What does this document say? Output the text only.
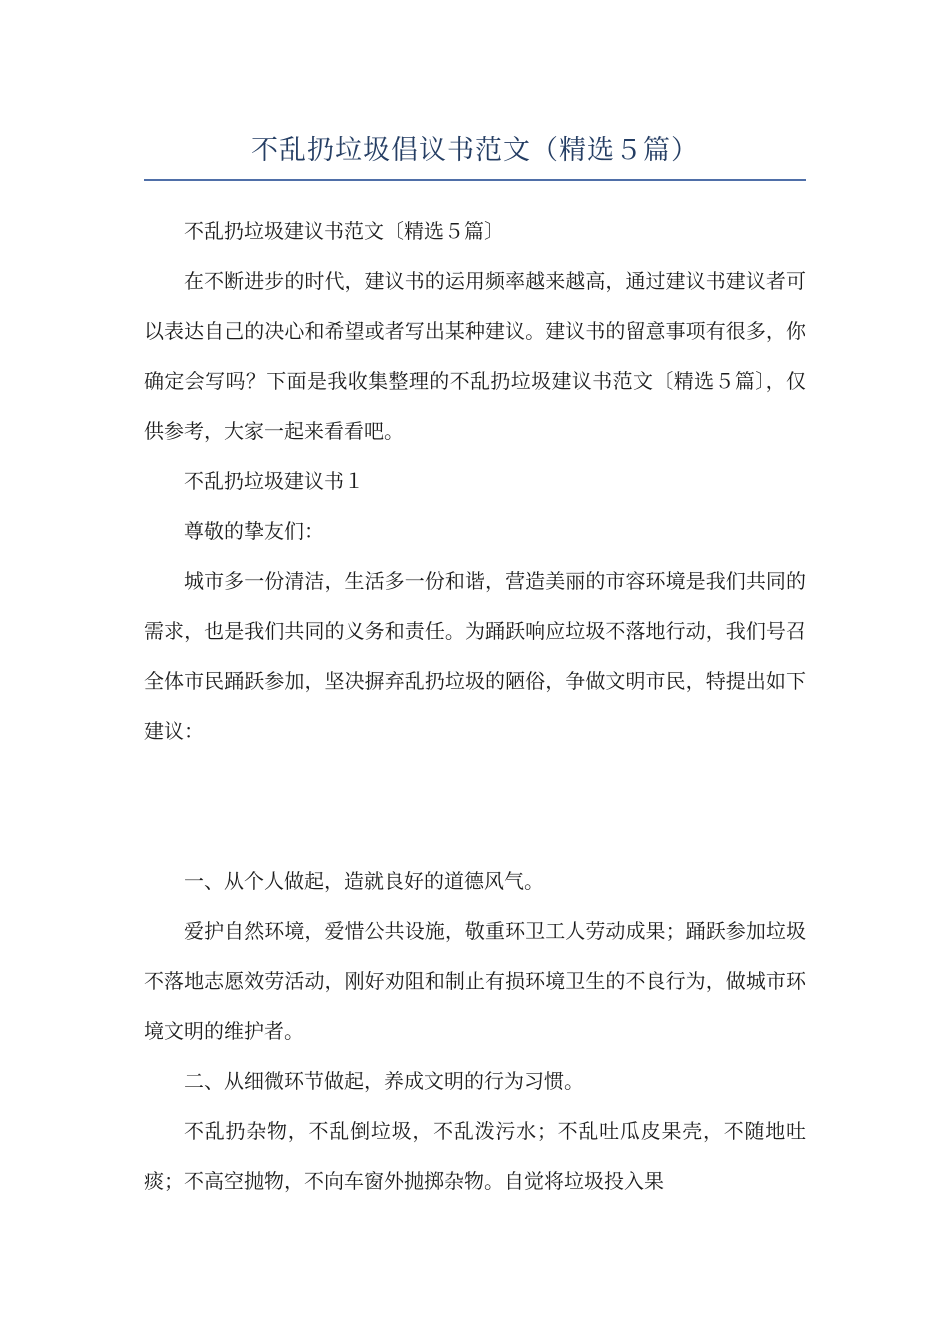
不乱扔垃圾倡议书范文（精选５篇）

不乱扔垃圾建议书范文〔精选５篇〕

在不断进步的时代，建议书的运用频率越来越高，通过建议书建议者可以表达自己的决心和希望或者写出某种建议。建议书的留意事项有很多，你确定会写吗？下面是我收集整理的不乱扔垃圾建议书范文〔精选５篇〕，仅供参考，大家一起来看看吧。

不乱扔垃圾建议书１

尊敬的挚友们：

城市多一份清洁，生活多一份和谐，营造美丽的市容环境是我们共同的需求，也是我们共同的义务和责任。为踊跃响应垃圾不落地行动，我们号召全体市民踊跃参加，坚决摒弃乱扔垃圾的陋俗，争做文明市民，特提出如下建议：

一、从个人做起，造就良好的道德风气。

爱护自然环境，爱惜公共设施，敬重环卫工人劳动成果；踊跃参加垃圾不落地志愿效劳活动，刚好劝阻和制止有损环境卫生的不良行为，做城市环境文明的维护者。

二、从细微环节做起，养成文明的行为习惯。

不乱扔杂物，不乱倒垃圾，不乱泼污水；不乱吐瓜皮果壳，不随地吐痰；不高空抛物，不向车窗外抛掷杂物。自觉将垃圾投入果
